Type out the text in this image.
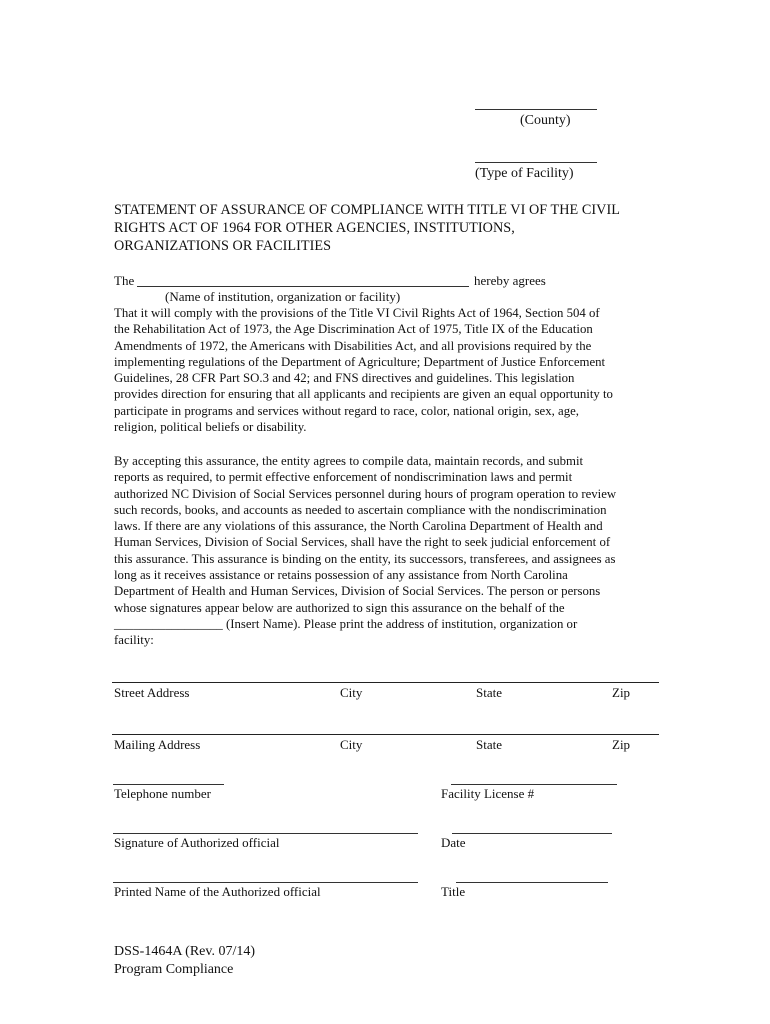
(County)
(Type of Facility)
STATEMENT OF ASSURANCE OF COMPLIANCE WITH TITLE VI OF THE CIVIL
RIGHTS ACT OF 1964 FOR OTHER AGENCIES, INSTITUTIONS,
ORGANIZATIONS OR FACILITIES
The	hereby agrees
(Name of institution, organization or facility)
That it will comply with the provisions of the Title VI Civil Rights Act of 1964, Section 504 of
the Rehabilitation Act of 1973, the Age Discrimination Act of 1975, Title IX of the Education
Amendments of 1972, the Americans with Disabilities Act, and all provisions required by the
implementing regulations of the Department of Agriculture; Department of Justice Enforcement
Guidelines, 28 CFR Part SO.3 and 42; and FNS directives and guidelines. This legislation
provides direction for ensuring that all applicants and recipients are given an equal opportunity to
participate in programs and services without regard to race, color, national origin, sex, age,
religion, political beliefs or disability.
By accepting this assurance, the entity agrees to compile data, maintain records, and submit
reports as required, to permit effective enforcement of nondiscrimination laws and permit
authorized NC Division of Social Services personnel during hours of program operation to review
such records, books, and accounts as needed to ascertain compliance with the nondiscrimination
laws. If there are any violations of this assurance, the North Carolina Department of Health and
Human Services, Division of Social Services, shall have the right to seek judicial enforcement of
this assurance. This assurance is binding on the entity, its successors, transferees, and assignees as
long as it receives assistance or retains possession of any assistance from North Carolina
Department of Health and Human Services, Division of Social Services. The person or persons
whose signatures appear below are authorized to sign this assurance on the behalf of the
_________________ (Insert Name). Please print the address of institution, organization or
facility:
Street Address	City	State	Zip
Mailing Address	City	State	Zip
Telephone number	Facility License #
Signature of Authorized official	Date
Printed Name of the Authorized official	Title
DSS-1464A (Rev. 07/14)
Program Compliance
